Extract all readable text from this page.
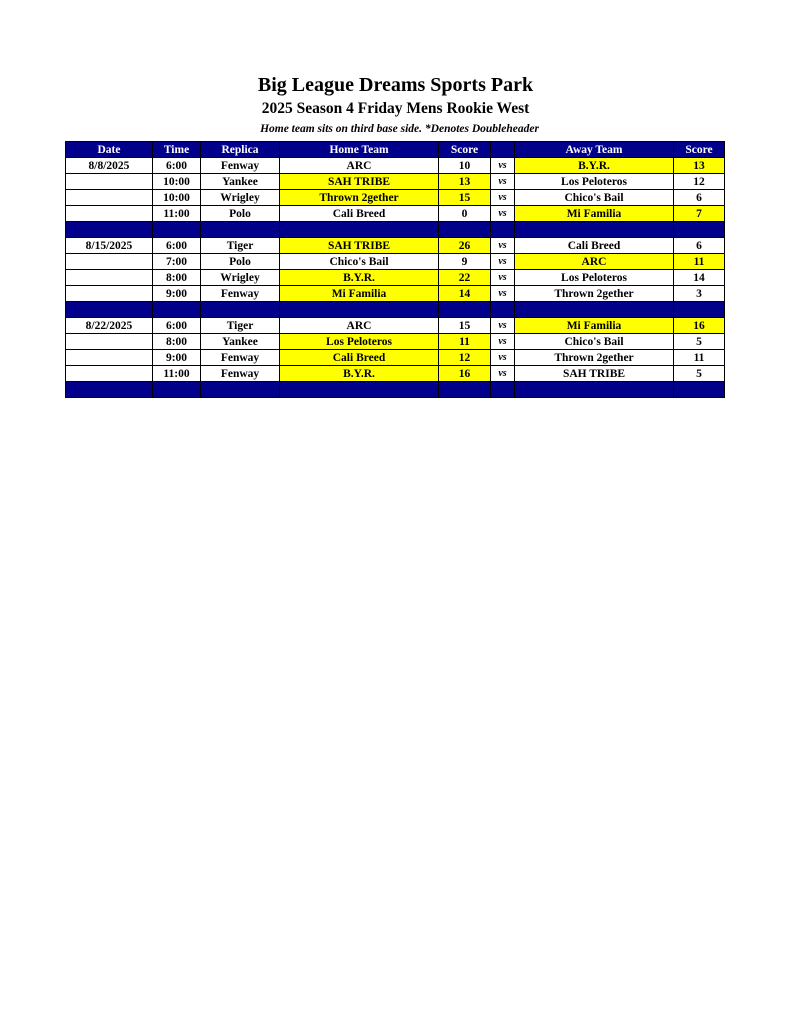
Big League Dreams Sports Park
2025 Season 4 Friday Mens Rookie West
Home team sits on third base side. *Denotes Doubleheader
Date	Time	Replica	Home Team	Score		Away Team	Score
8/8/2025	6:00	Fenway	ARC	10	vs	B.Y.R.	13
	10:00	Yankee	SAH TRIBE	13	vs	Los Peloteros	12
	10:00	Wrigley	Thrown 2gether	15	vs	Chico's Bail	6
	11:00	Polo	Cali Breed	0	vs	Mi Familia	7

8/15/2025	6:00	Tiger	SAH TRIBE	26	vs	Cali Breed	6
	7:00	Polo	Chico's Bail	9	vs	ARC	11
	8:00	Wrigley	B.Y.R.	22	vs	Los Peloteros	14
	9:00	Fenway	Mi Familia	14	vs	Thrown 2gether	3

8/22/2025	6:00	Tiger	ARC	15	vs	Mi Familia	16
	8:00	Yankee	Los Peloteros	11	vs	Chico's Bail	5
	9:00	Fenway	Cali Breed	12	vs	Thrown 2gether	11
	11:00	Fenway	B.Y.R.	16	vs	SAH TRIBE	5
